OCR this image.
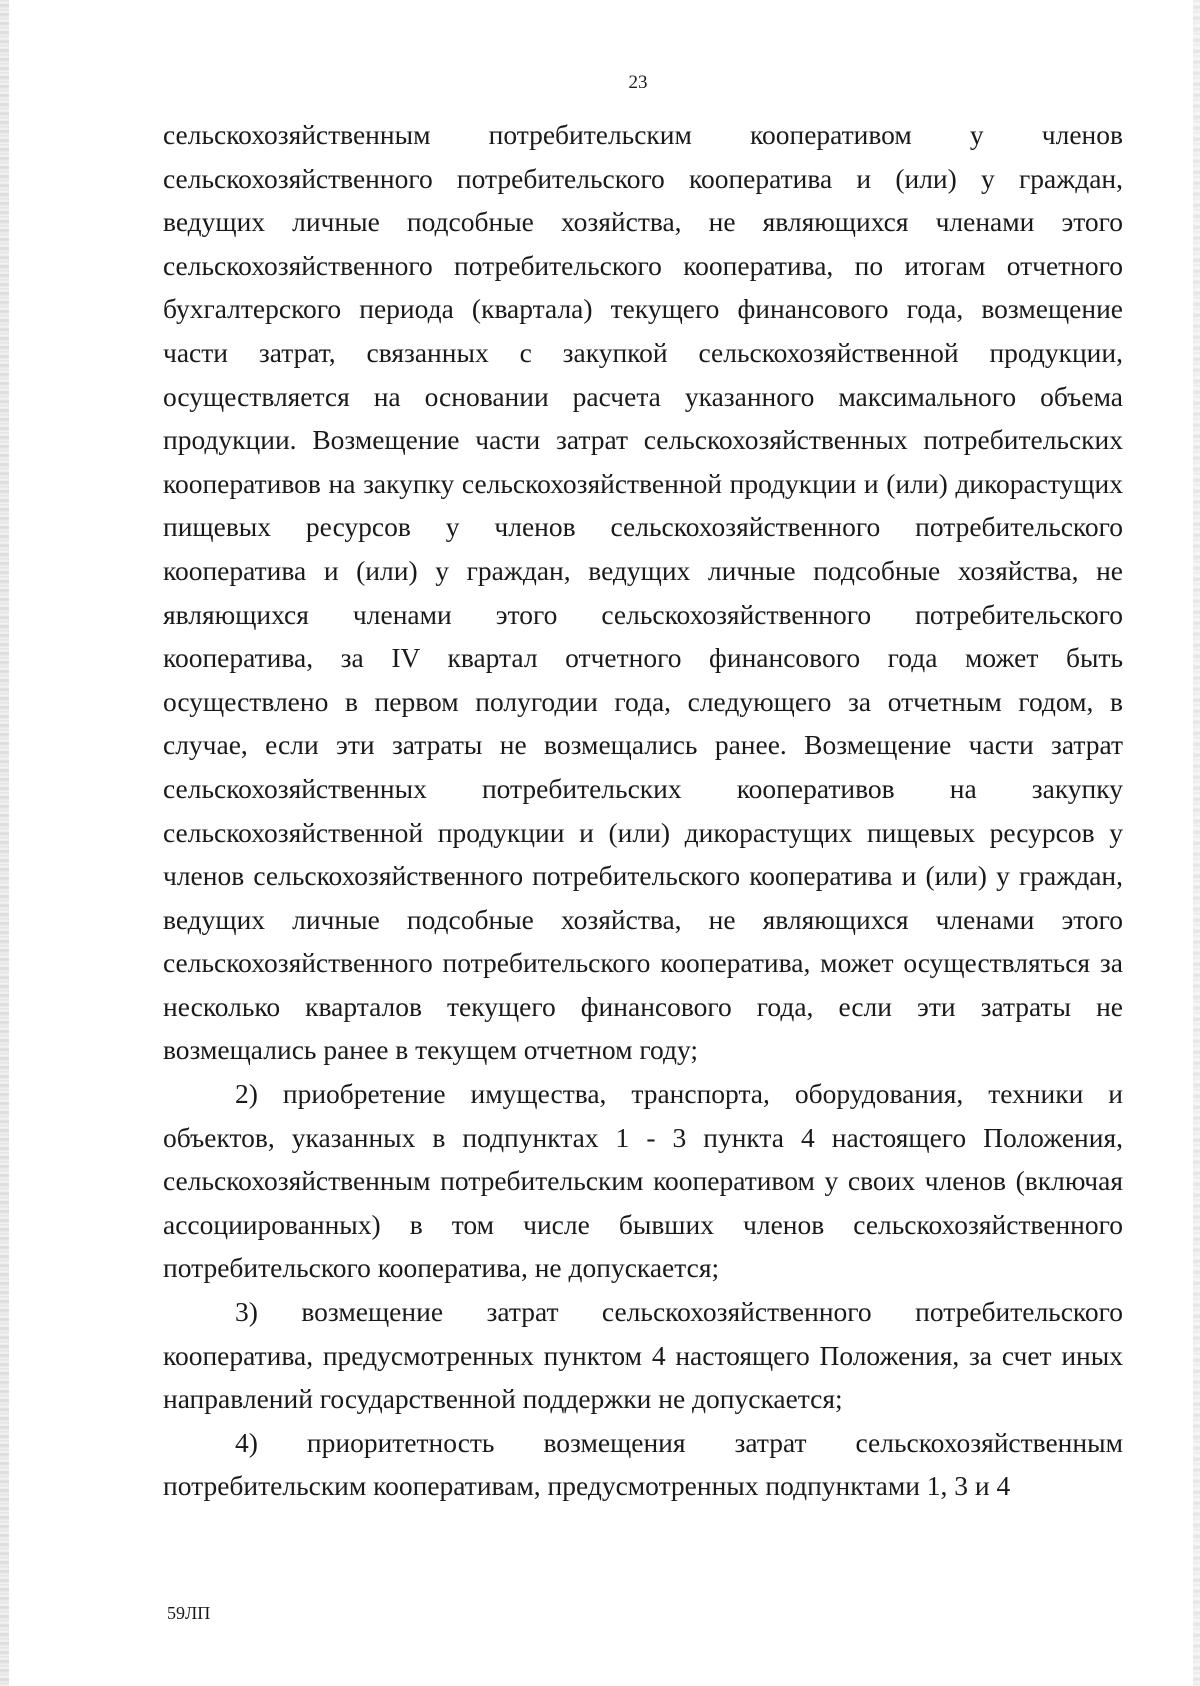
23

сельскохозяйственным потребительским кооперативом у членов сельскохозяйственного потребительского кооператива и (или) у граждан, ведущих личные подсобные хозяйства, не являющихся членами этого сельскохозяйственного потребительского кооператива, по итогам отчетного бухгалтерского периода (квартала) текущего финансового года, возмещение части затрат, связанных с закупкой сельскохозяйственной продукции, осуществляется на основании расчета указанного максимального объема продукции. Возмещение части затрат сельскохозяйственных потребительских кооперативов на закупку сельскохозяйственной продукции и (или) дикорастущих пищевых ресурсов у членов сельскохозяйственного потребительского кооператива и (или) у граждан, ведущих личные подсобные хозяйства, не являющихся членами этого сельскохозяйственного потребительского кооператива, за IV квартал отчетного финансового года может быть осуществлено в первом полугодии года, следующего за отчетным годом, в случае, если эти затраты не возмещались ранее. Возмещение части затрат сельскохозяйственных потребительских кооперативов на закупку сельскохозяйственной продукции и (или) дикорастущих пищевых ресурсов у членов сельскохозяйственного потребительского кооператива и (или) у граждан, ведущих личные подсобные хозяйства, не являющихся членами этого сельскохозяйственного потребительского кооператива, может осуществляться за несколько кварталов текущего финансового года, если эти затраты не возмещались ранее в текущем отчетном году;

2) приобретение имущества, транспорта, оборудования, техники и объектов, указанных в подпунктах 1 - 3 пункта 4 настоящего Положения, сельскохозяйственным потребительским кооперативом у своих членов (включая ассоциированных) в том числе бывших членов сельскохозяйственного потребительского кооператива, не допускается;

3) возмещение затрат сельскохозяйственного потребительского кооператива, предусмотренных пунктом 4 настоящего Положения, за счет иных направлений государственной поддержки не допускается;

4) приоритетность возмещения затрат сельскохозяйственным потребительским кооперативам, предусмотренных подпунктами 1, 3 и 4

59ЛП
